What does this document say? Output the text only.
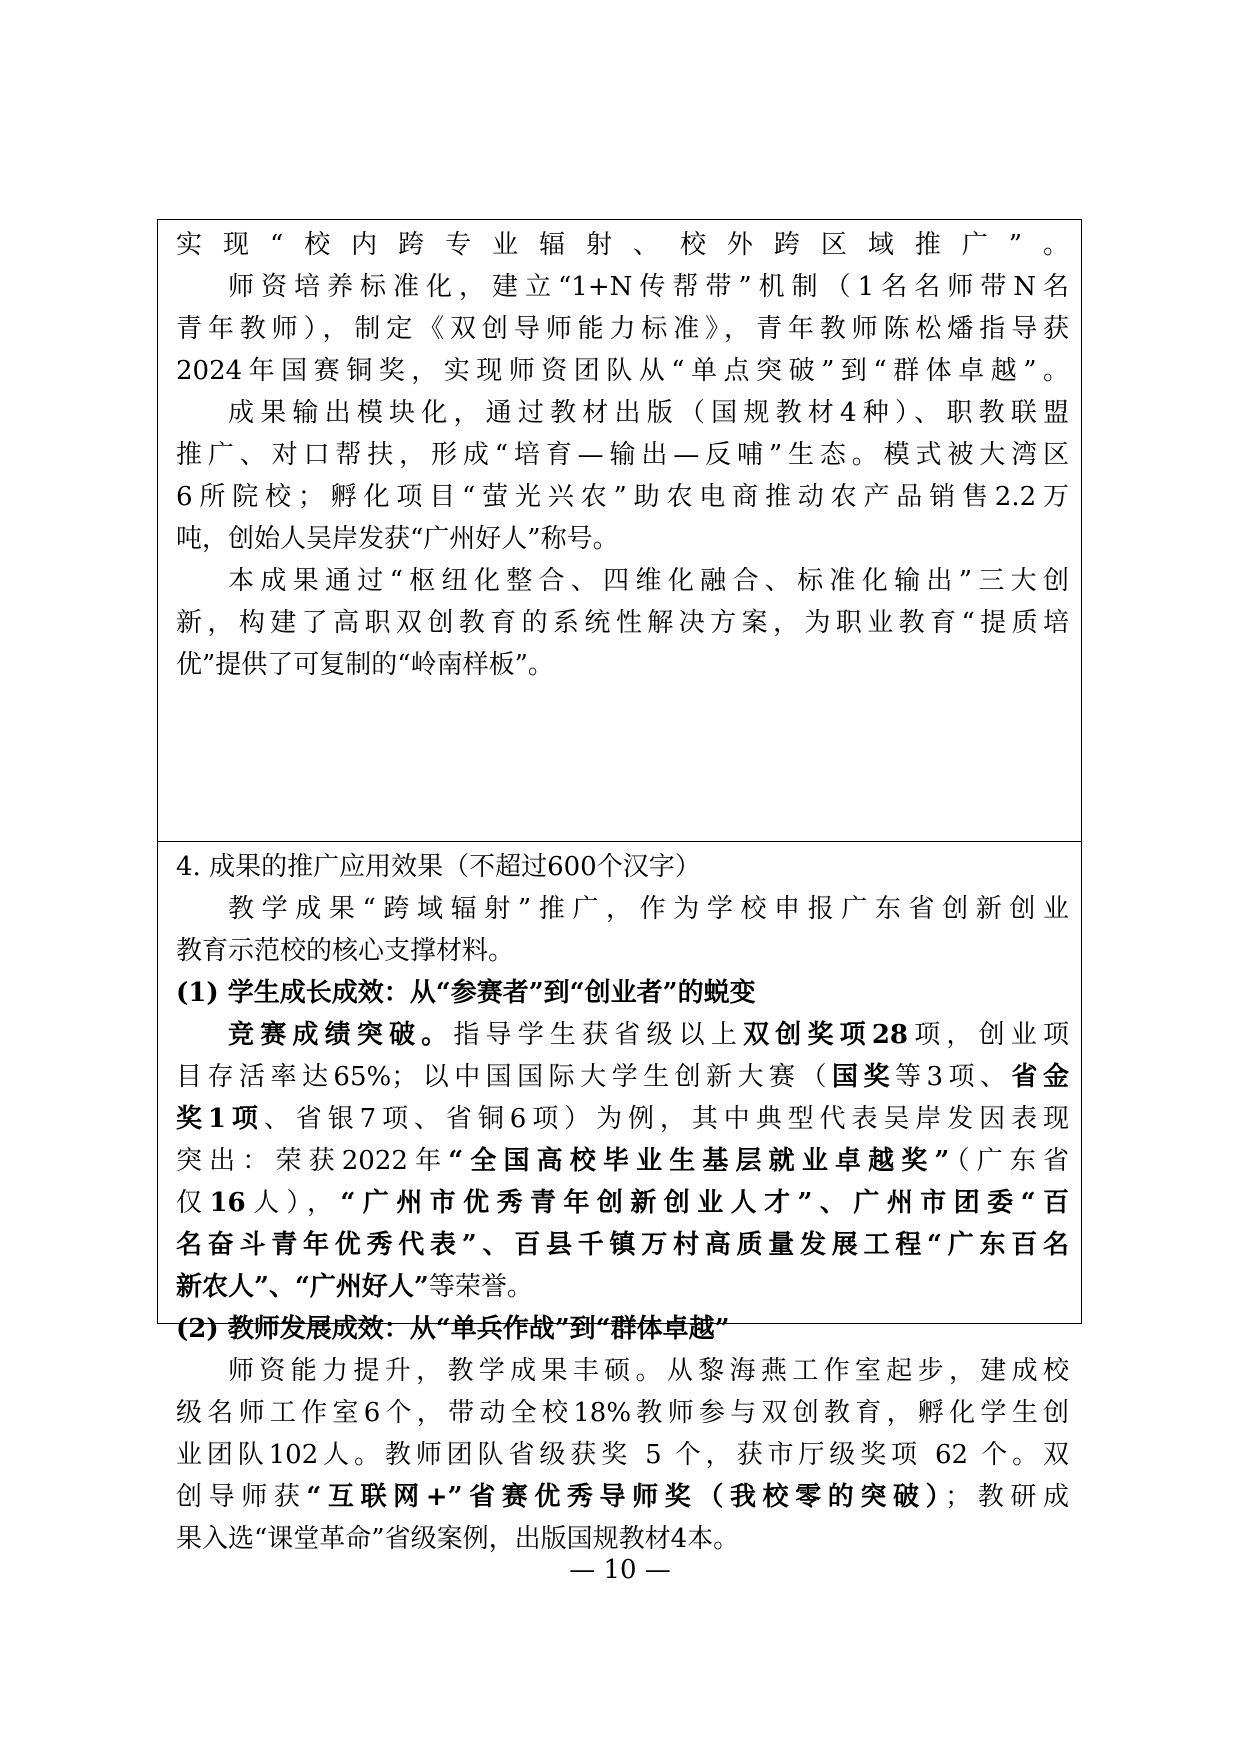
实现“校内跨专业辐射、校外跨区域推广”。
师资培养标准化，建立“1+N传帮带”机制（1名名师带N名
青年教师），制定《双创导师能力标准》，青年教师陈松燔指导获
2024年国赛铜奖，实现师资团队从“单点突破”到“群体卓越”。
成果输出模块化，通过教材出版（国规教材4种）、职教联盟
推广、对口帮扶，形成“培育—输出—反哺”生态。模式被大湾区
6所院校；孵化项目“萤光兴农”助农电商推动农产品销售2.2万
吨，创始人吴岸发获“广州好人”称号。
本成果通过“枢纽化整合、四维化融合、标准化输出”三大创
新，构建了高职双创教育的系统性解决方案，为职业教育“提质培
优”提供了可复制的“岭南样板”。
4. 成果的推广应用效果（不超过600个汉字）
教学成果“跨域辐射”推广，作为学校申报广东省创新创业
教育示范校的核心支撑材料。
(1) 学生成长成效：从“参赛者”到“创业者”的蜕变
竞赛成绩突破。指导学生获省级以上双创奖项28项，创业项
目存活率达65%；以中国国际大学生创新大赛（国奖等3项、省金
奖1项、省银7项、省铜6项）为例，其中典型代表吴岸发因表现
突出：荣获2022年“全国高校毕业生基层就业卓越奖”（广东省
仅16人），“广州市优秀青年创新创业人才”、广州市团委“百
名奋斗青年优秀代表”、百县千镇万村高质量发展工程“广东百名
新农人”、“广州好人”等荣誉。
(2) 教师发展成效：从“单兵作战”到“群体卓越”
师资能力提升，教学成果丰硕。从黎海燕工作室起步，建成校
级名师工作室6个，带动全校18%教师参与双创教育，孵化学生创
业团队102人。教师团队省级获奖 5 个，获市厅级奖项 62 个。双
创导师获“互联网+”省赛优秀导师奖（我校零的突破）；教研成
果入选“课堂革命”省级案例，出版国规教材4本。
— 10 —
